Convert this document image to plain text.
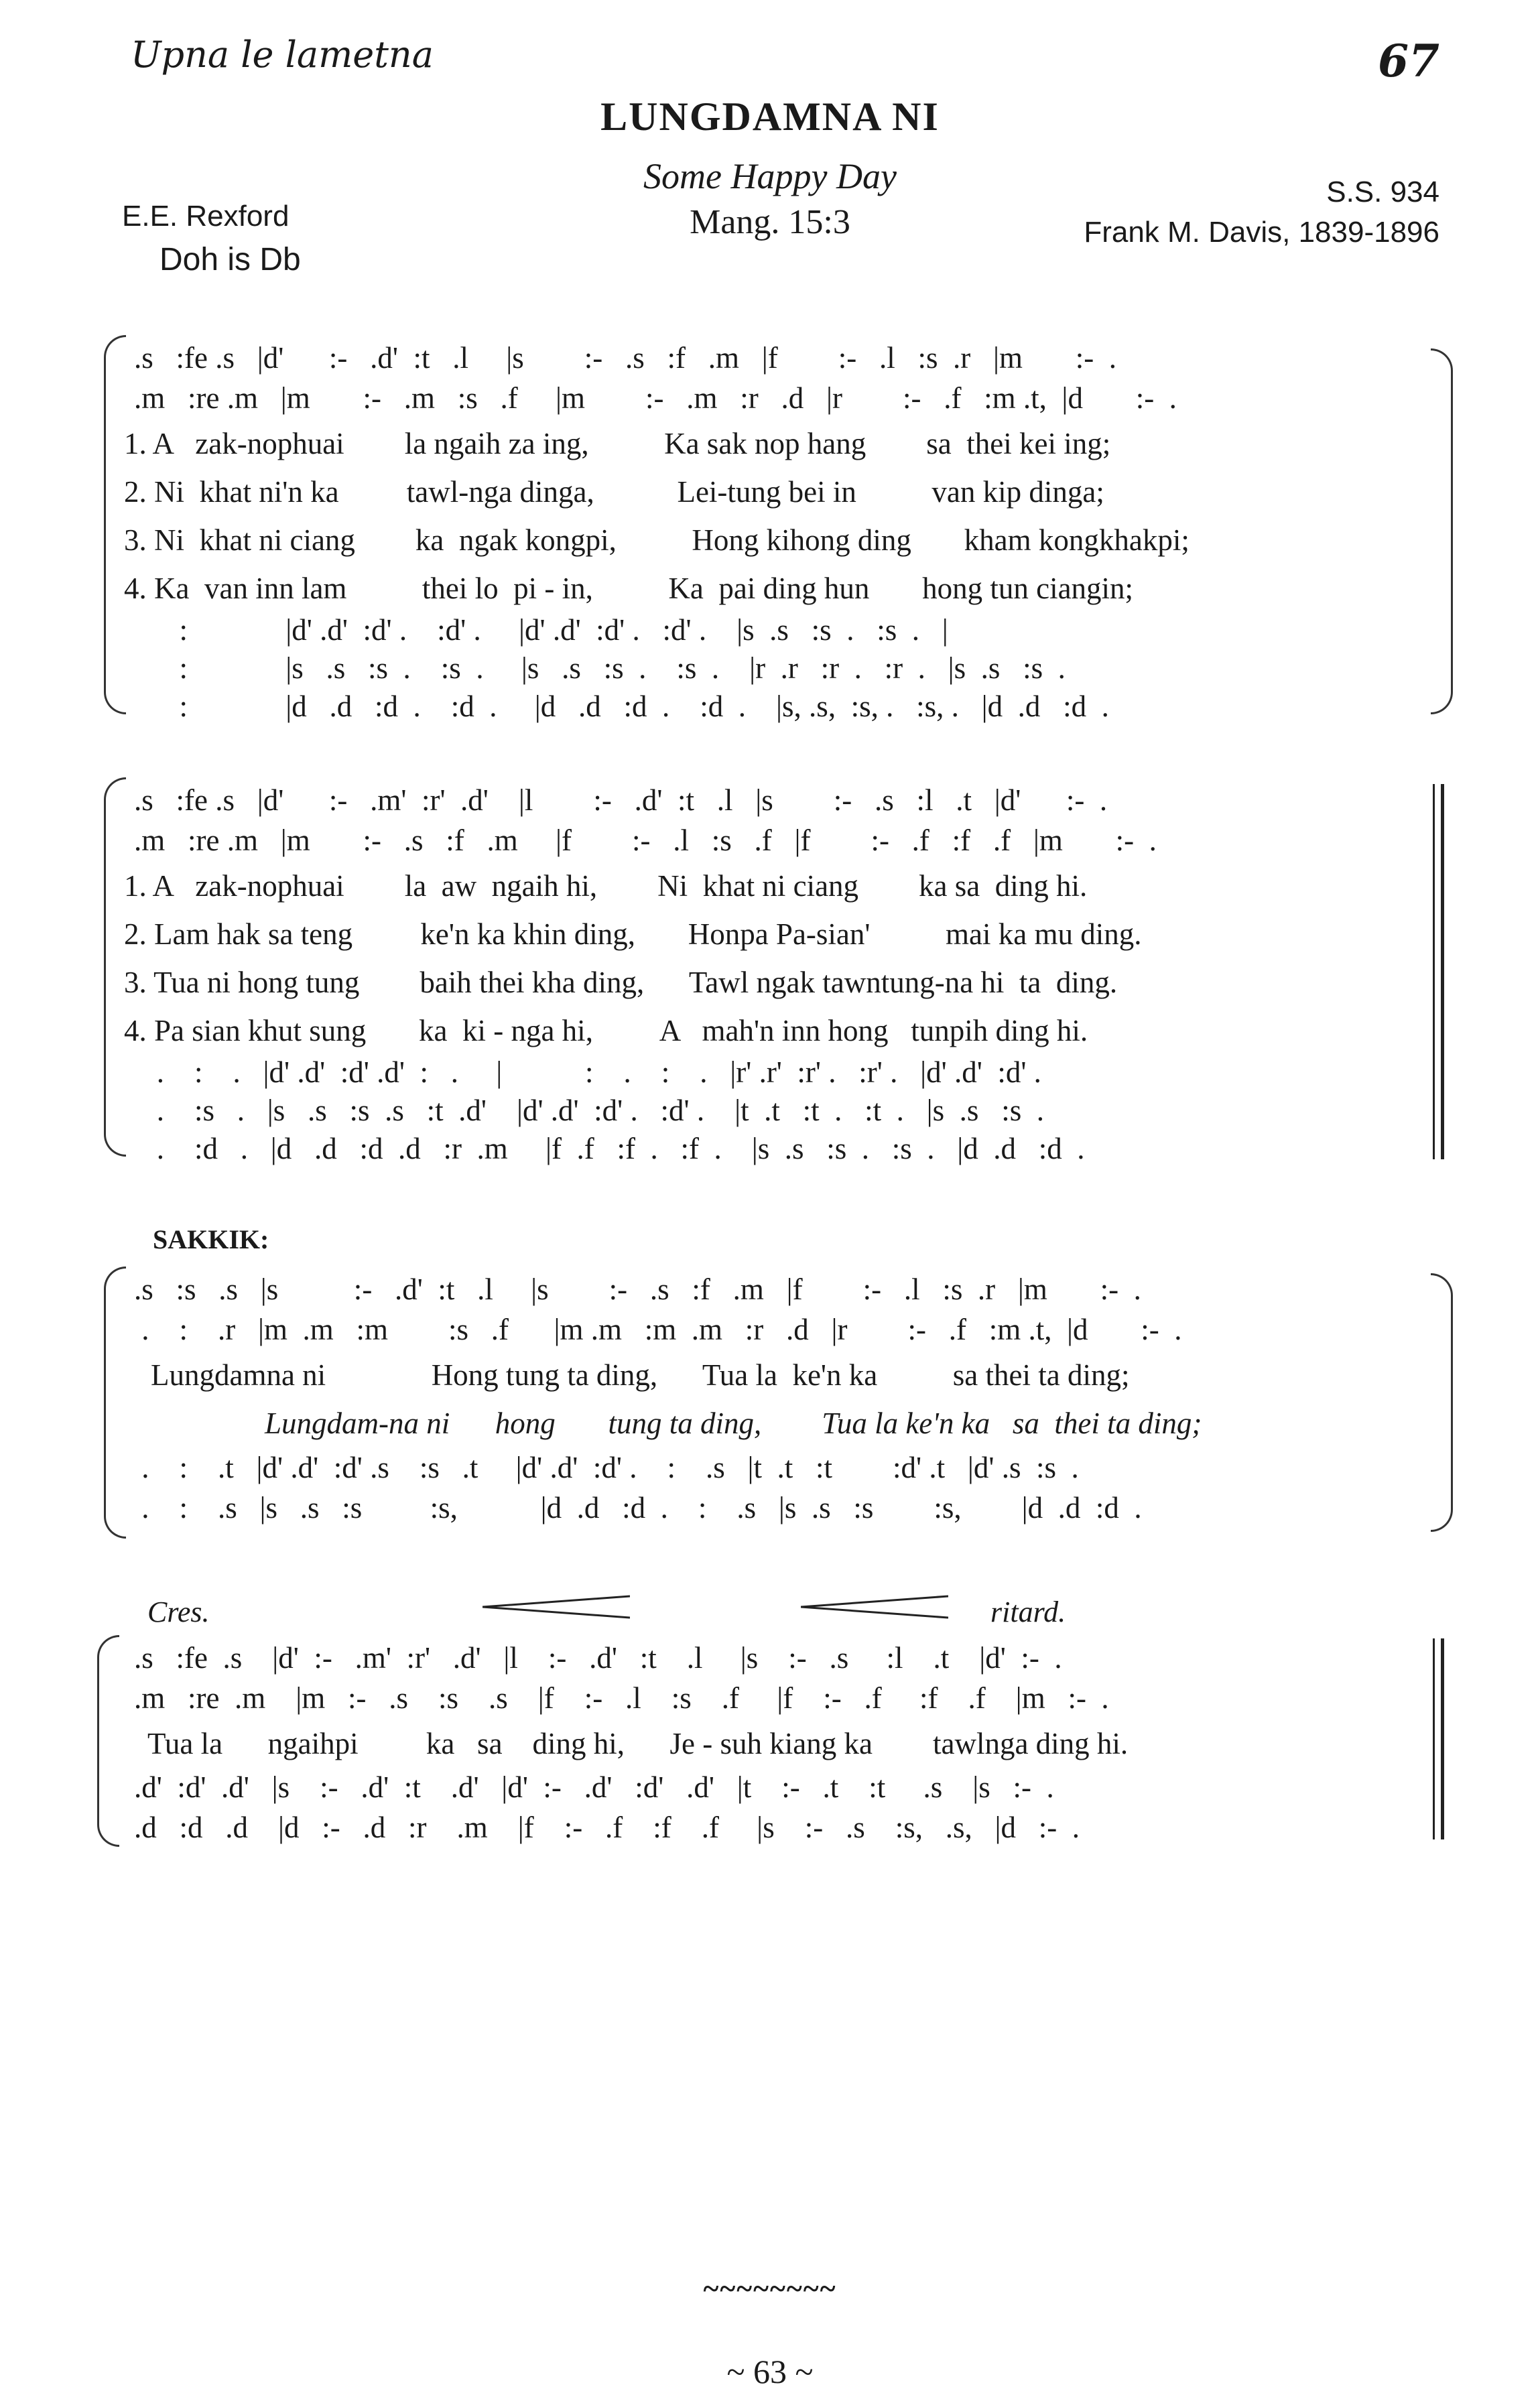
Upna le lametna	67
LUNGDAMNA NI
Some Happy Day
Mang. 15:3
E.E. Rexford
Doh is Db
S.S. 934
Frank M. Davis, 1839-1896
.s   :fe .s   |d'      :-   .d'  :t   .l     |s        :-   .s   :f   .m   |f        :-   .l   :s  .r   |m       :-  .
.m   :re .m   |m       :-   .m   :s   .f     |m        :-   .m   :r   .d   |r        :-   .f   :m .t,  |d       :-  .
1. A   zak-nophuai        la ngaih za ing,          Ka sak nop hang        sa  thei kei ing;
2. Ni  khat ni'n ka         tawl-nga dinga,           Lei-tung bei in          van kip dinga;
3. Ni  khat ni ciang        ka  ngak kongpi,          Hong kihong ding       kham kongkhakpi;
4. Ka  van inn lam          thei lo  pi - in,          Ka  pai ding hun       hong tun ciangin;
:             |d' .d'  :d' .    :d' .     |d' .d'  :d' .   :d' .    |s  .s   :s  .   :s  .   |
:             |s   .s   :s  .    :s  .     |s   .s   :s  .    :s  .    |r  .r   :r  .   :r  .   |s  .s   :s  .
:             |d   .d   :d  .    :d  .     |d   .d   :d  .    :d  .    |s, .s,  :s, .   :s, .   |d  .d   :d  .
.s   :fe .s   |d'      :-   .m'  :r'  .d'    |l        :-   .d'  :t   .l   |s        :-   .s   :l   .t   |d'      :-  .
.m   :re .m   |m       :-   .s   :f   .m     |f        :-   .l   :s   .f   |f        :-   .f   :f   .f   |m       :-  .
1. A   zak-nophuai        la  aw  ngaih hi,        Ni  khat ni ciang        ka sa  ding hi.
2. Lam hak sa teng         ke'n ka khin ding,       Honpa Pa-sian'          mai ka mu ding.
3. Tua ni hong tung        baih thei kha ding,      Tawl ngak tawntung-na hi  ta  ding.
4. Pa sian khut sung       ka  ki - nga hi,         A   mah'n inn hong   tunpih ding hi.
.    :    .   |d' .d'  :d' .d'  :   .     |           :    .    :    .   |r' .r'  :r' .   :r' .   |d' .d'  :d' .
.    :s   .   |s   .s   :s  .s   :t  .d'    |d' .d'  :d' .   :d' .    |t  .t   :t  .   :t  .   |s  .s   :s  .
.    :d   .   |d   .d   :d  .d   :r  .m     |f  .f   :f  .   :f  .    |s  .s   :s  .   :s  .   |d  .d   :d  .
SAKKIK:
.s   :s   .s   |s          :-   .d'  :t   .l     |s        :-   .s   :f   .m   |f        :-   .l   :s  .r   |m       :-  .
.    :    .r   |m  .m   :m        :s   .f      |m .m   :m  .m   :r   .d   |r        :-   .f   :m .t,  |d       :-  .
Lungdamna ni              Hong tung ta ding,      Tua la  ke'n ka          sa thei ta ding;
Lungdam-na ni      hong       tung ta ding,        Tua la ke'n ka   sa  thei ta ding;
.    :    .t   |d' .d'  :d' .s    :s   .t     |d' .d'  :d' .    :    .s   |t  .t   :t        :d' .t   |d' .s  :s  .
.    :    .s   |s   .s   :s         :s,           |d  .d   :d  .    :    .s   |s  .s   :s        :s,        |d  .d  :d  .
Cres.	ritard.
.s   :fe  .s    |d'  :-   .m'  :r'   .d'   |l    :-   .d'   :t    .l     |s    :-   .s     :l    .t    |d'  :-  .
.m   :re  .m    |m   :-   .s    :s    .s    |f    :-   .l    :s    .f     |f    :-   .f     :f    .f    |m   :-  .
Tua la      ngaihpi         ka   sa    ding hi,      Je - suh kiang ka        tawlnga ding hi.
.d'  :d'  .d'   |s    :-   .d'  :t    .d'   |d'  :-   .d'   :d'   .d'   |t    :-   .t    :t     .s    |s   :-  .
.d   :d   .d    |d   :-   .d   :r    .m    |f    :-   .f    :f    .f     |s    :-   .s    :s,   .s,   |d   :-  .
~~~~~~~~
~ 63 ~
